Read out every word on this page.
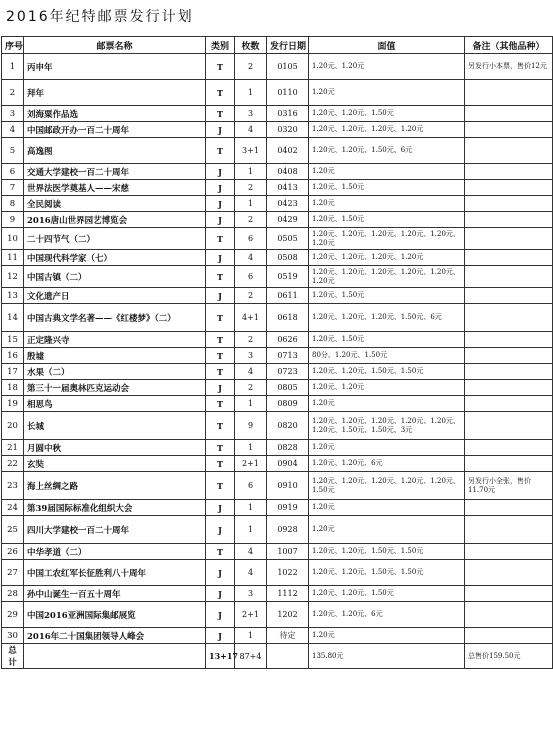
2016年纪特邮票发行计划
序号	邮票名称	类别	枚数	发行日期	面值	备注（其他品种）
1	丙申年	T	2	0105	1.20元、1.20元	另发行小本票，售价12元
2	拜年	T	1	0110	1.20元	
3	刘海粟作品选	T	3	0316	1.20元、1.20元、1.50元	
4	中国邮政开办一百二十周年	J	4	0320	1.20元、1.20元、1.20元、1.20元	
5	高逸图	T	3+1	0402	1.20元、1.20元、1.50元、6元	
6	交通大学建校一百二十周年	J	1	0408	1.20元	
7	世界法医学奠基人——宋慈	J	2	0413	1.20元、1.50元	
8	全民阅读	J	1	0423	1.20元	
9	2016唐山世界园艺博览会	J	2	0429	1.20元、1.50元	
10	二十四节气（二）	T	6	0505	1.20元、1.20元、1.20元、1.20元、1.20元、1.20元	
11	中国现代科学家（七）	J	4	0508	1.20元、1.20元、1.20元、1.20元	
12	中国古镇（二）	T	6	0519	1.20元、1.20元、1.20元、1.20元、1.20元、1.20元	
13	文化遗产日	J	2	0611	1.20元、1.50元	
14	中国古典文学名著——《红楼梦》（二）	T	4+1	0618	1.20元、1.20元、1.20元、1.50元、6元	
15	正定隆兴寺	T	2	0626	1.20元、1.50元	
16	殷墟	T	3	0713	80分、1.20元、1.50元	
17	水果（二）	T	4	0723	1.20元、1.20元、1.50元、1.50元	
18	第三十一届奥林匹克运动会	J	2	0805	1.20元、1.20元	
19	相思鸟	T	1	0809	1.20元	
20	长城	T	9	0820	1.20元、1.20元、1.20元、1.20元、1.20元、1.20元、1.50元、1.50元、3元	
21	月圆中秋	T	1	0828	1.20元	
22	玄奘	T	2+1	0904	1.20元、1.20元、6元	
23	海上丝绸之路	T	6	0910	1.20元、1.20元、1.20元、1.20元、1.20元、1.50元	另发行小全张，售价11.70元
24	第39届国际标准化组织大会	J	1	0919	1.20元	
25	四川大学建校一百二十周年	J	1	0928	1.20元	
26	中华孝道（二）	T	4	1007	1.20元、1.20元、1.50元、1.50元	
27	中国工农红军长征胜利八十周年	J	4	1022	1.20元、1.20元、1.50元、1.50元	
28	孙中山诞生一百五十周年	J	3	1112	1.20元、1.20元、1.50元	
29	中国2016亚洲国际集邮展览	J	2+1	1202	1.20元、1.20元、6元	
30	2016年二十国集团领导人峰会	J	1	待定	1.20元	
总计		13+17	87+4		135.80元	总售价159.50元
